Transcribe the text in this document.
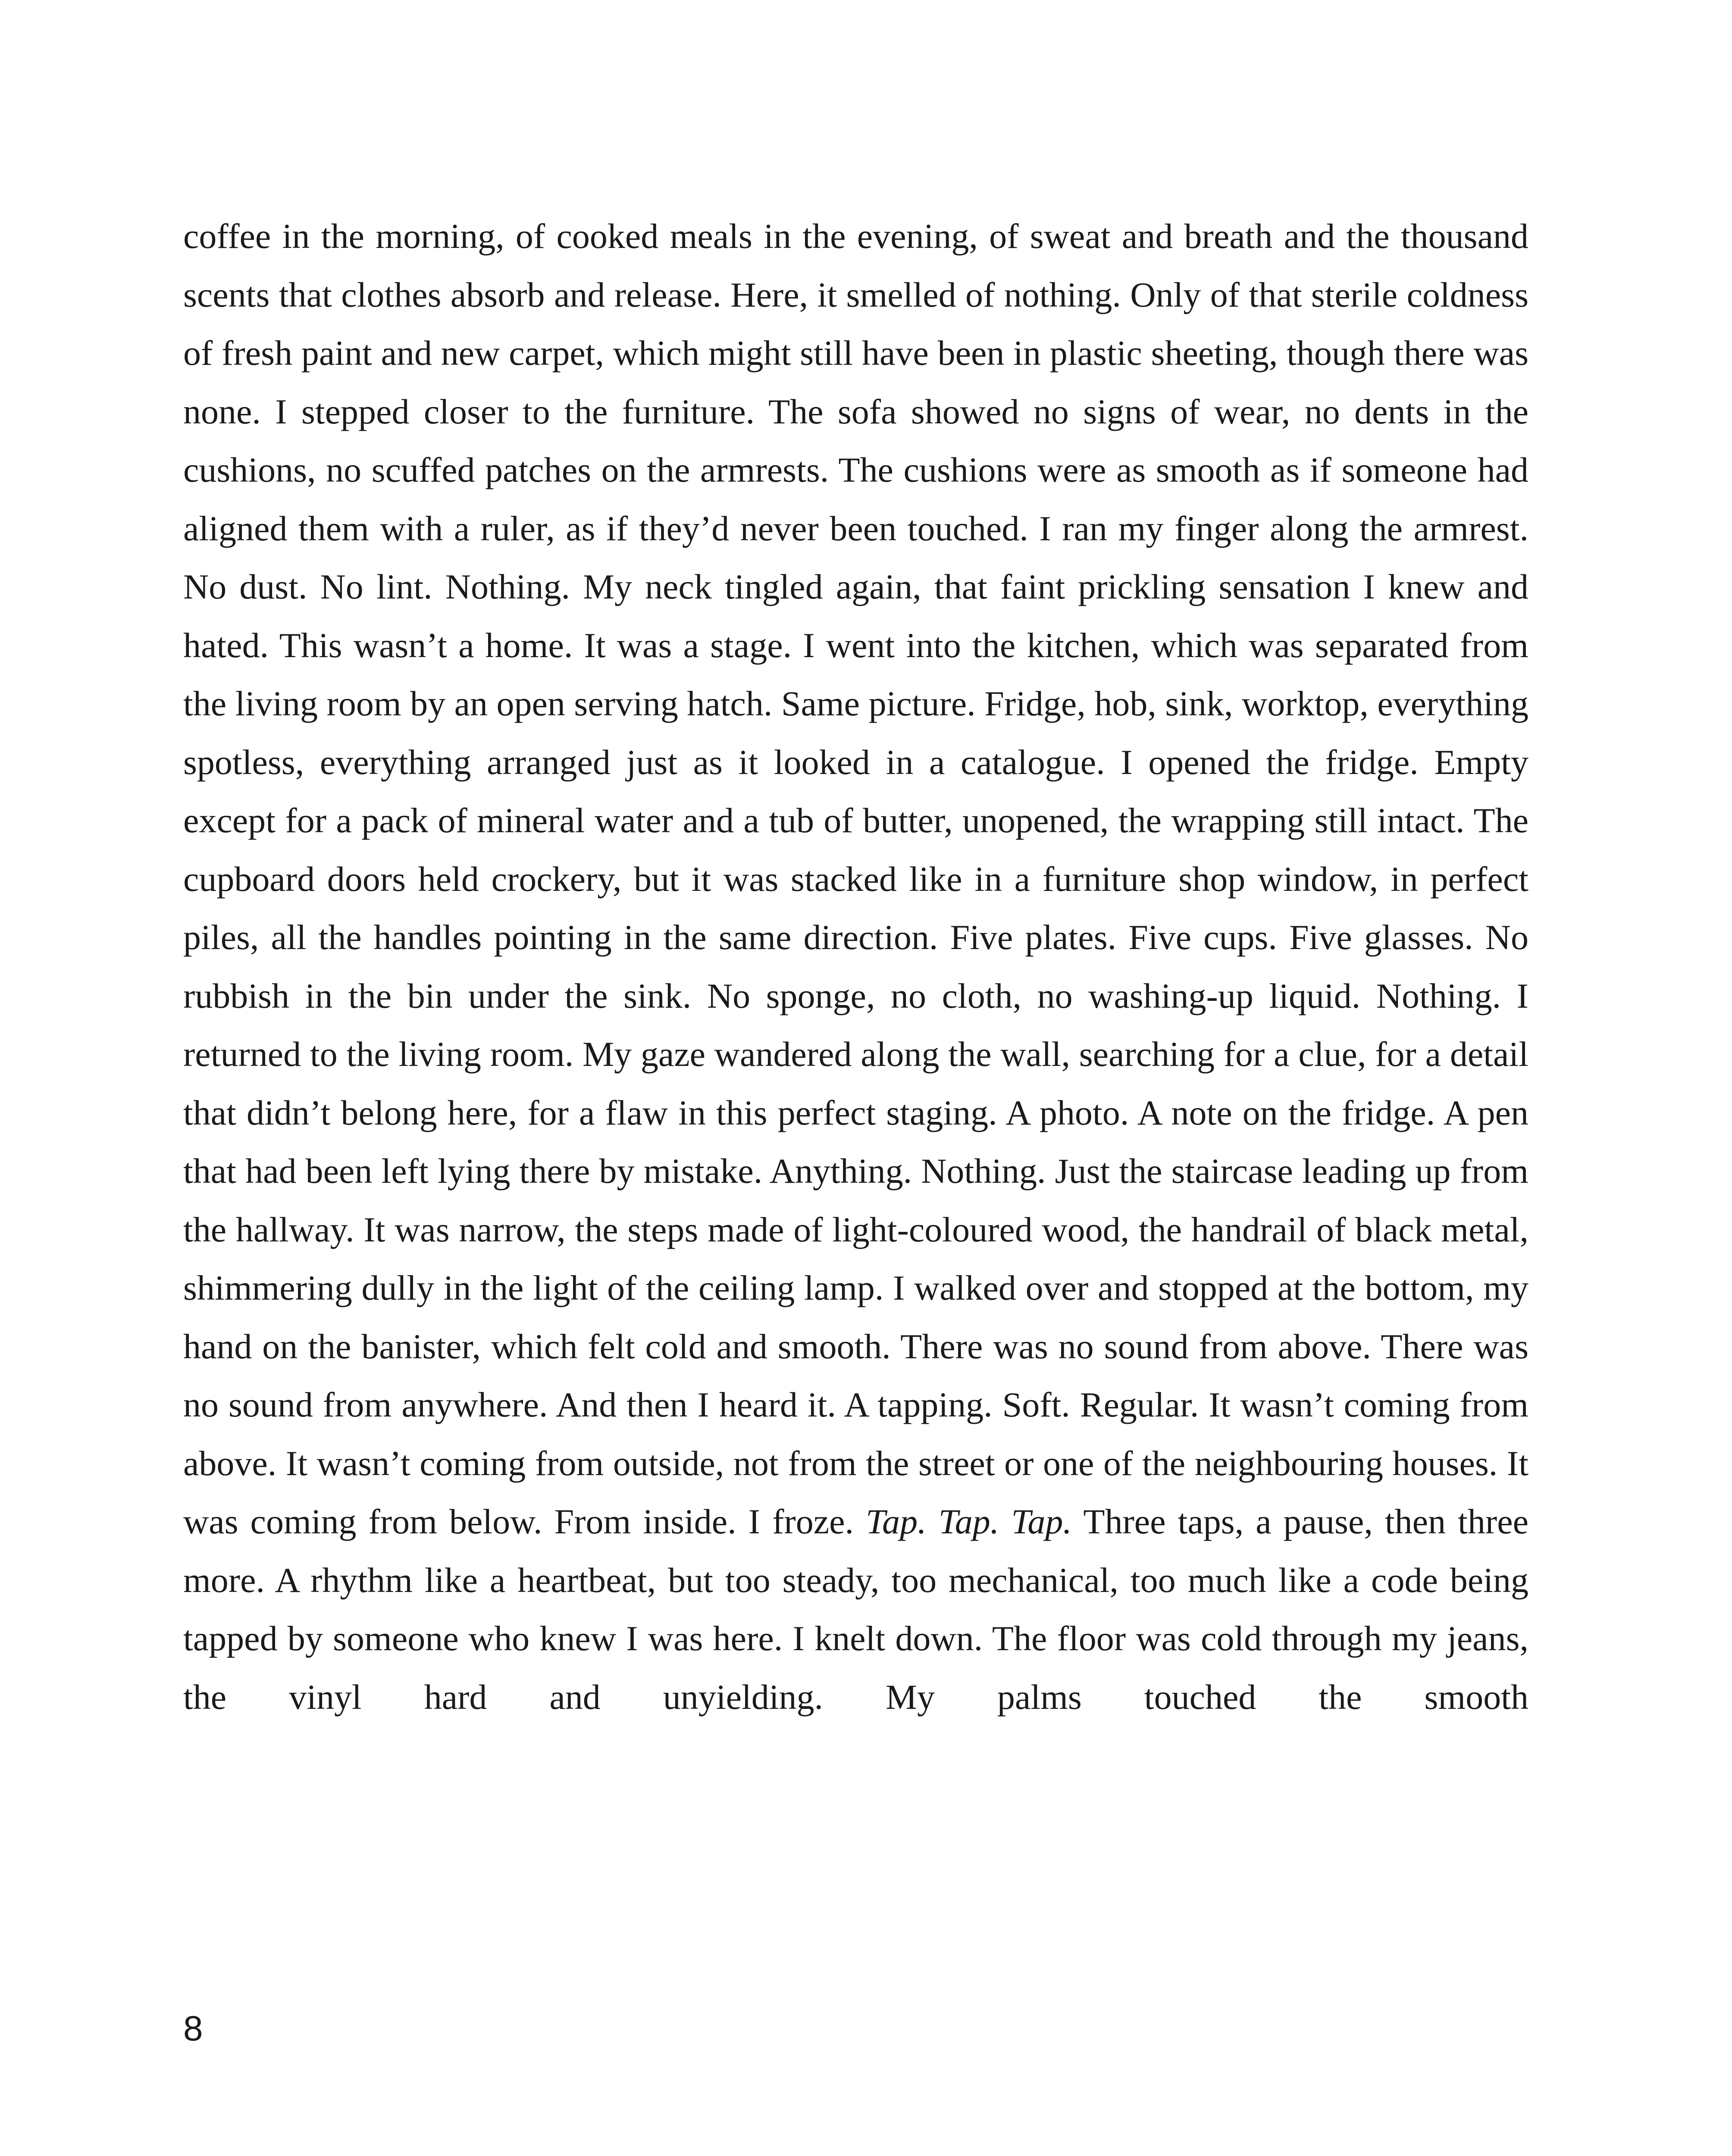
coffee in the morning, of cooked meals in the evening, of sweat and breath and the thousand scents that clothes absorb and release. Here, it smelled of nothing. Only of that sterile coldness of fresh paint and new carpet, which might still have been in plastic sheeting, though there was none. I stepped closer to the furniture. The sofa showed no signs of wear, no dents in the cushions, no scuffed patches on the armrests. The cushions were as smooth as if someone had aligned them with a ruler, as if they’d never been touched. I ran my finger along the armrest. No dust. No lint. Nothing. My neck tingled again, that faint prickling sensation I knew and hated. This wasn’t a home. It was a stage. I went into the kitchen, which was separated from the living room by an open serving hatch. Same picture. Fridge, hob, sink, worktop, everything spotless, everything arranged just as it looked in a catalogue. I opened the fridge. Empty except for a pack of mineral water and a tub of butter, unopened, the wrapping still intact. The cupboard doors held crockery, but it was stacked like in a furniture shop window, in perfect piles, all the handles pointing in the same direction. Five plates. Five cups. Five glasses. No rubbish in the bin under the sink. No sponge, no cloth, no washing-up liquid. Nothing. I returned to the living room. My gaze wandered along the wall, searching for a clue, for a detail that didn’t belong here, for a flaw in this perfect staging. A photo. A note on the fridge. A pen that had been left lying there by mistake. Anything. Nothing. Just the staircase leading up from the hallway. It was narrow, the steps made of light-coloured wood, the handrail of black metal, shimmering dully in the light of the ceiling lamp. I walked over and stopped at the bottom, my hand on the banister, which felt cold and smooth. There was no sound from above. There was no sound from anywhere. And then I heard it. A tapping. Soft. Regular. It wasn’t coming from above. It wasn’t coming from outside, not from the street or one of the neighbouring houses. It was coming from below. From inside. I froze. Tap. Tap. Tap. Three taps, a pause, then three more. A rhythm like a heartbeat, but too steady, too mechanical, too much like a code being tapped by someone who knew I was here. I knelt down. The floor was cold through my jeans, the vinyl hard and unyielding. My palms touched the smooth

8
